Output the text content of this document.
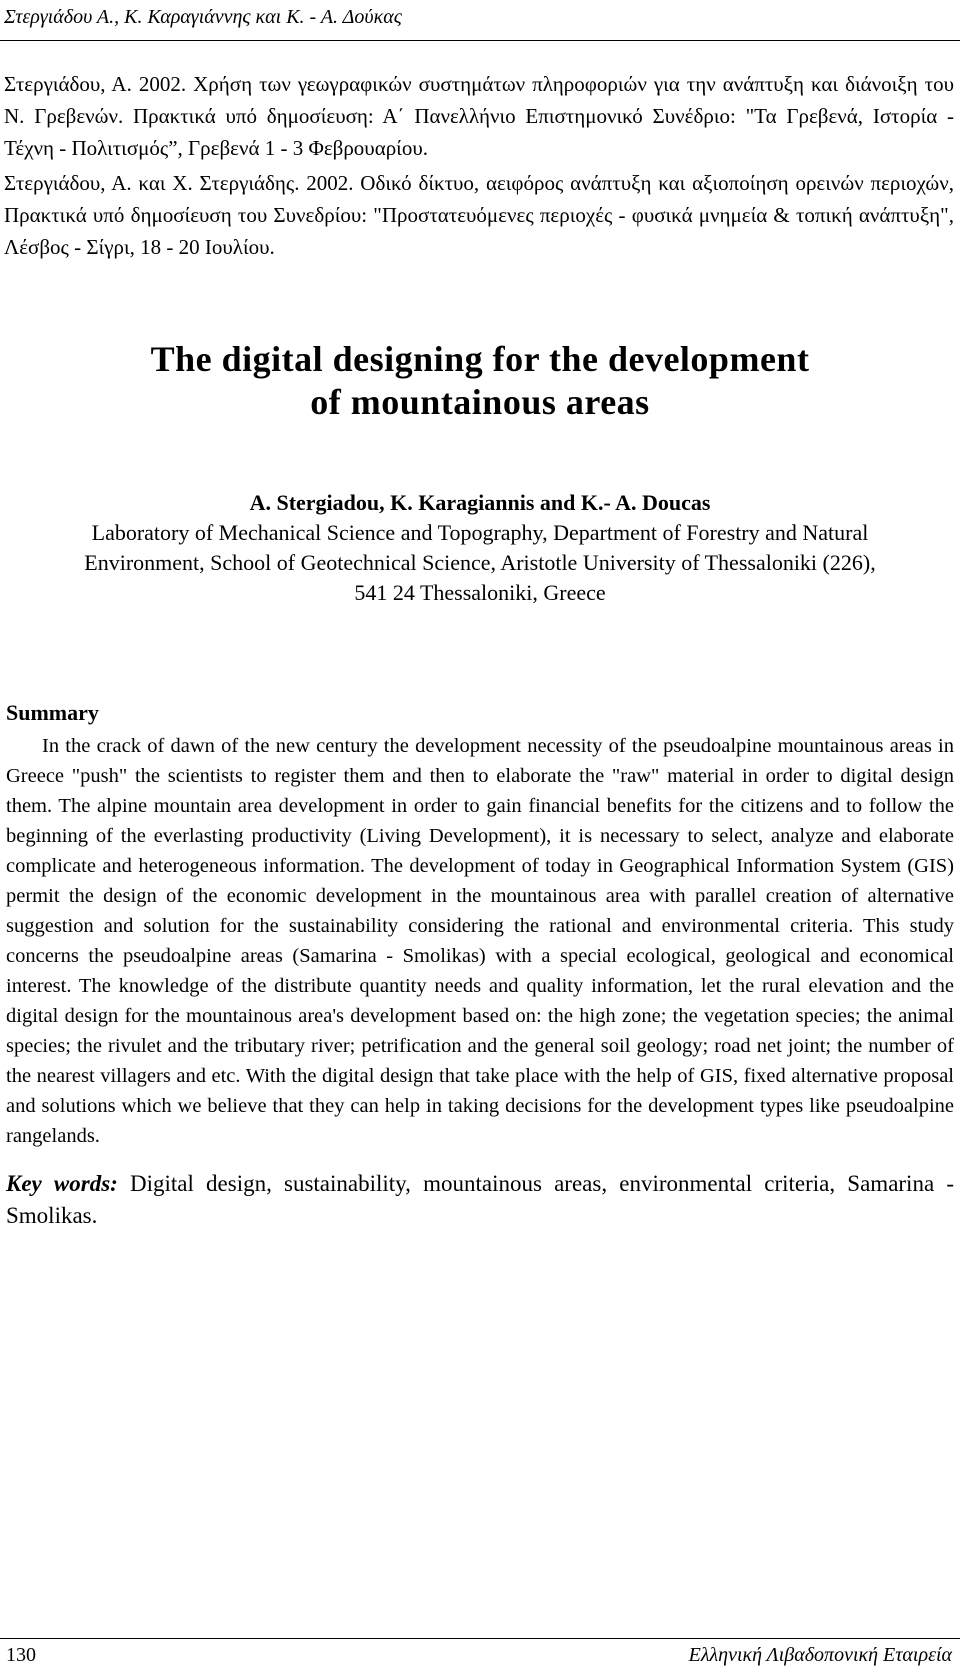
Στεργιάδου Α., Κ. Καραγιάννης και Κ. - Α. Δούκας

Στεργιάδου, Α. 2002. Χρήση των γεωγραφικών συστημάτων πληροφοριών για την ανάπτυξη και διάνοιξη του Ν. Γρεβενών. Πρακτικά υπό δημοσίευση: Α΄ Πανελλήνιο Επιστημονικό Συνέδριο: "Τα Γρεβενά, Ιστορία - Τέχνη - Πολιτισμός”, Γρεβενά 1 - 3 Φεβρουαρίου.

Στεργιάδου, Α. και Χ. Στεργιάδης. 2002. Οδικό δίκτυο, αειφόρος ανάπτυξη και αξιοποίηση ορεινών περιοχών, Πρακτικά υπό δημοσίευση του Συνεδρίου: "Προστατευόμενες περιοχές - φυσικά μνημεία & τοπική ανάπτυξη", Λέσβος - Σίγρι, 18 - 20 Ιουλίου.

The digital designing for the development
of mountainous areas
A. Stergiadou, K. Karagiannis and K.- A. Doucas
Laboratory of Mechanical Science and Topography, Department of Forestry and Natural
Environment, School of Geotechnical Science, Aristotle University of Thessaloniki (226),
541 24 Thessaloniki, Greece
Summary

In the crack of dawn of the new century the development necessity of the pseudoalpine mountainous areas in Greece "push" the scientists to register them and then to elaborate the "raw" material in order to digital design them. The alpine mountain area development in order to gain financial benefits for the citizens and to follow the beginning of the everlasting productivity (Living Development), it is necessary to select, analyze and elaborate complicate and heterogeneous information. The development of today in Geographical Information System (GIS) permit the design of the economic development in the mountainous area with parallel creation of alternative suggestion and solution for the sustainability considering the rational and environmental criteria. This study concerns the pseudoalpine areas (Samarina - Smolikas) with a special ecological, geological and economical interest. The knowledge of the distribute quantity needs and quality information, let the rural elevation and the digital design for the mountainous area's development based on: the high zone; the vegetation species; the animal species; the rivulet and the tributary river; petrification and the general soil geology; road net joint; the number of the nearest villagers and etc. With the digital design that take place with the help of GIS, fixed alternative proposal and solutions which we believe that they can help in taking decisions for the development types like pseudoalpine rangelands.

Key words: Digital design, sustainability, mountainous areas, environmental criteria, Samarina - Smolikas.

130	Ελληνική Λιβαδοπονική Εταιρεία
